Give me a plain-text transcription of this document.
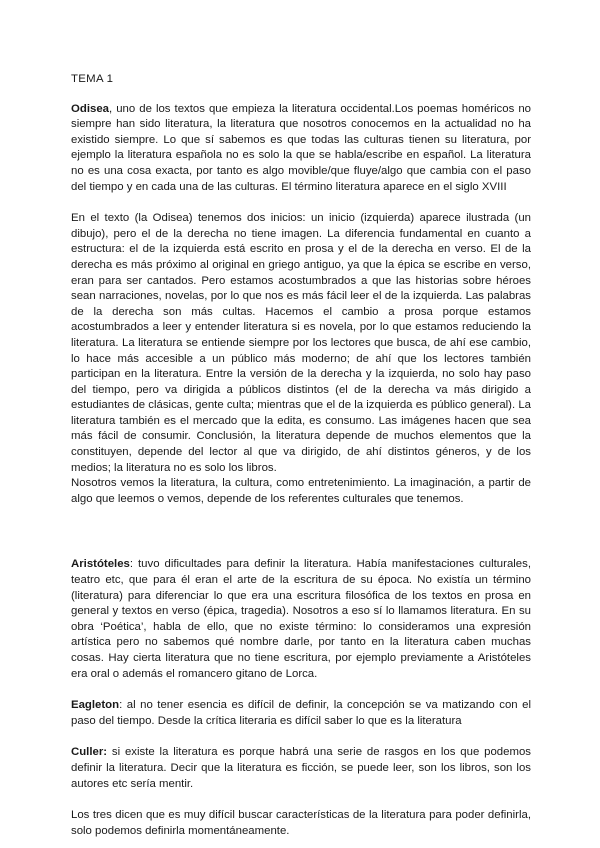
TEMA 1

Odisea, uno de los textos que empieza la literatura occidental.Los poemas homéricos no siempre han sido literatura, la literatura que nosotros conocemos en la actualidad no ha existido siempre. Lo que sí sabemos es que todas las culturas tienen su literatura, por ejemplo la literatura española no es solo la que se habla/escribe en español. La literatura no es una cosa exacta, por tanto es algo movible/que fluye/algo que cambia con el paso del tiempo y en cada una de las culturas. El término literatura aparece en el siglo XVIII

En el texto (la Odisea) tenemos dos inicios: un inicio (izquierda) aparece ilustrada (un dibujo), pero el de la derecha no tiene imagen. La diferencia fundamental en cuanto a estructura: el de la izquierda está escrito en prosa y el de la derecha en verso. El de la derecha es más próximo al original en griego antiguo, ya que la épica se escribe en verso, eran para ser cantados. Pero estamos acostumbrados a que las historias sobre héroes sean narraciones, novelas, por lo que nos es más fácil leer el de la izquierda. Las palabras de la derecha son más cultas. Hacemos el cambio a prosa porque estamos acostumbrados a leer y entender literatura si es novela, por lo que estamos reduciendo la literatura. La literatura se entiende siempre por los lectores que busca, de ahí ese cambio, lo hace más accesible a un público más moderno; de ahí que los lectores también participan en la literatura. Entre la versión de la derecha y la izquierda, no solo hay paso del tiempo, pero va dirigida a públicos distintos (el de la derecha va más dirigido a estudiantes de clásicas, gente culta; mientras que el de la izquierda es público general). La literatura también es el mercado que la edita, es consumo. Las imágenes hacen que sea más fácil de consumir. Conclusión, la literatura depende de muchos elementos que la constituyen, depende del lector al que va dirigido, de ahí distintos géneros, y de los medios; la literatura no es solo los libros.

Nosotros vemos la literatura, la cultura, como entretenimiento. La imaginación, a partir de algo que leemos o vemos, depende de los referentes culturales que tenemos.

Aristóteles: tuvo dificultades para definir la literatura. Había manifestaciones culturales, teatro etc, que para él eran el arte de la escritura de su época. No existía un término (literatura) para diferenciar lo que era una escritura filosófica de los textos en prosa en general y textos en verso (épica, tragedia). Nosotros a eso sí lo llamamos literatura. En su obra ‘Poética’, habla de ello, que no existe término: lo consideramos una expresión artística pero no sabemos qué nombre darle, por tanto en la literatura caben muchas cosas. Hay cierta literatura que no tiene escritura, por ejemplo previamente a Aristóteles era oral o además el romancero gitano de Lorca.

Eagleton: al no tener esencia es difícil de definir, la concepción se va matizando con el paso del tiempo. Desde la crítica literaria es difícil saber lo que es la literatura

Culler: si existe la literatura es porque habrá una serie de rasgos en los que podemos definir la literatura. Decir que la literatura es ficción, se puede leer, son los libros, son los autores etc sería mentir.

Los tres dicen que es muy difícil buscar características de la literatura para poder definirla, solo podemos definirla momentáneamente.
